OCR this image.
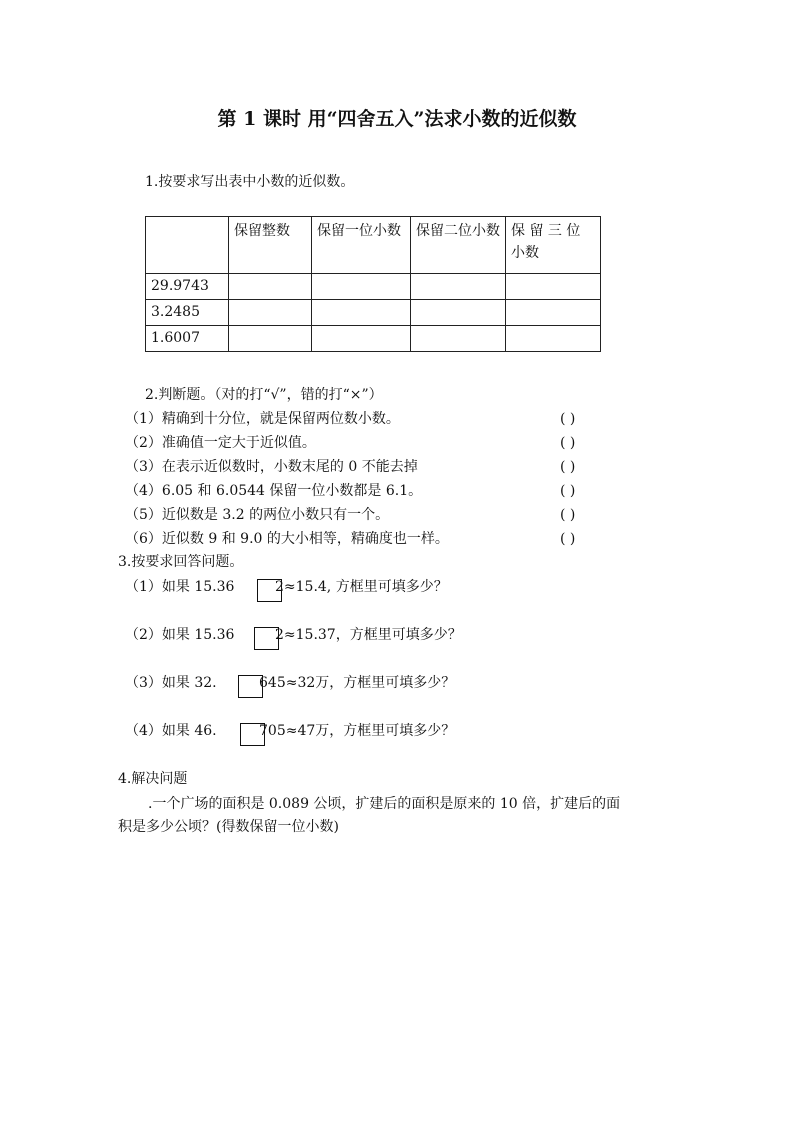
第 1 课时 用“四舍五入”法求小数的近似数
1.按要求写出表中小数的近似数。
	保留整数	保留一位小数	保留二位小数	保 留 三 位 小数
29.9743				
3.2485				
1.6007				
2.判断题。（对的打“√”，错的打“×”）
（1）精确到十分位，就是保留两位数小数。	( )
（2）准确值一定大于近似值。	( )
（3）在表示近似数时，小数末尾的 0 不能去掉	( )
（4）6.05 和 6.0544 保留一位小数都是 6.1。	( )
（5）近似数是 3.2 的两位小数只有一个。	( )
（6）近似数 9 和 9.0 的大小相等，精确度也一样。	( )
3.按要求回答问题。
（1）如果 15.36	2≈15.4, 方框里可填多少？
（2）如果 15.36	2≈15.37，方框里可填多少？
（3）如果 32.	645≈32万，方框里可填多少？
（4）如果 46.	705≈47万，方框里可填多少？
4.解决问题
.一个广场的面积是 0.089 公顷，扩建后的面积是原来的 10 倍，扩建后的面
积是多少公顷？(得数保留一位小数)
